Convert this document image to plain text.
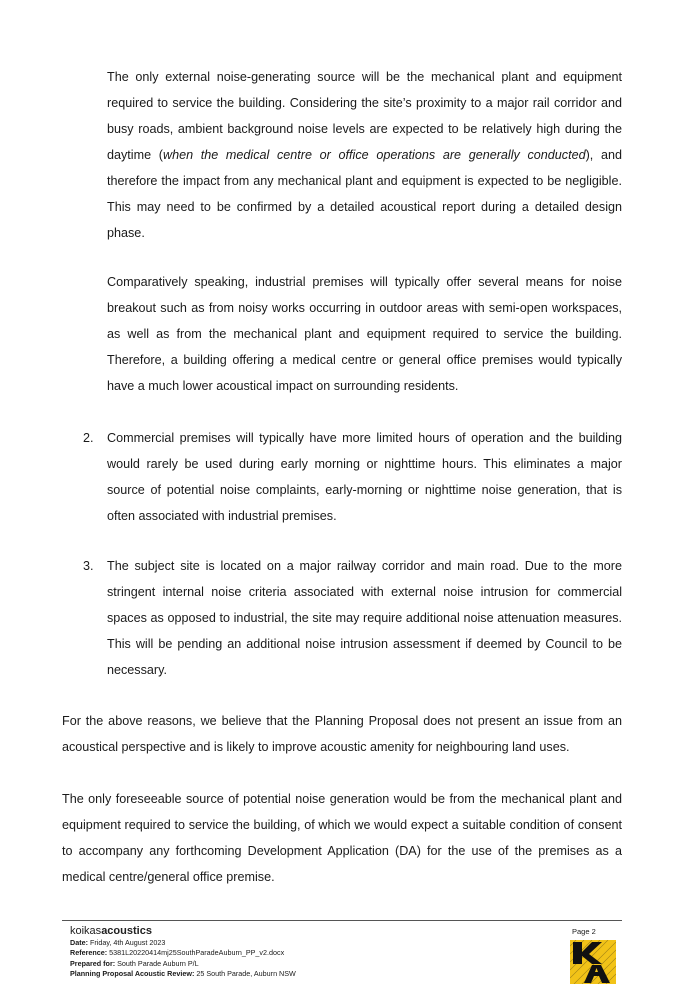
The only external noise-generating source will be the mechanical plant and equipment required to service the building. Considering the site’s proximity to a major rail corridor and busy roads, ambient background noise levels are expected to be relatively high during the daytime (when the medical centre or office operations are generally conducted), and therefore the impact from any mechanical plant and equipment is expected to be negligible. This may need to be confirmed by a detailed acoustical report during a detailed design phase.

Comparatively speaking, industrial premises will typically offer several means for noise breakout such as from noisy works occurring in outdoor areas with semi-open workspaces, as well as from the mechanical plant and equipment required to service the building. Therefore, a building offering a medical centre or general office premises would typically have a much lower acoustical impact on surrounding residents.

2. Commercial premises will typically have more limited hours of operation and the building would rarely be used during early morning or nighttime hours. This eliminates a major source of potential noise complaints, early-morning or nighttime noise generation, that is often associated with industrial premises.

3. The subject site is located on a major railway corridor and main road. Due to the more stringent internal noise criteria associated with external noise intrusion for commercial spaces as opposed to industrial, the site may require additional noise attenuation measures. This will be pending an additional noise intrusion assessment if deemed by Council to be necessary.

For the above reasons, we believe that the Planning Proposal does not present an issue from an acoustical perspective and is likely to improve acoustic amenity for neighbouring land uses.

The only foreseeable source of potential noise generation would be from the mechanical plant and equipment required to service the building, of which we would expect a suitable condition of consent to accompany any forthcoming Development Application (DA) for the use of the premises as a medical centre/general office premise.

koikasacoustics
Date: Friday, 4th August 2023
Reference: 5381L20220414mj25SouthParadeAuburn_PP_v2.docx
Prepared for: South Parade Auburn P/L
Planning Proposal Acoustic Review: 25 South Parade, Auburn NSW
Page 2
